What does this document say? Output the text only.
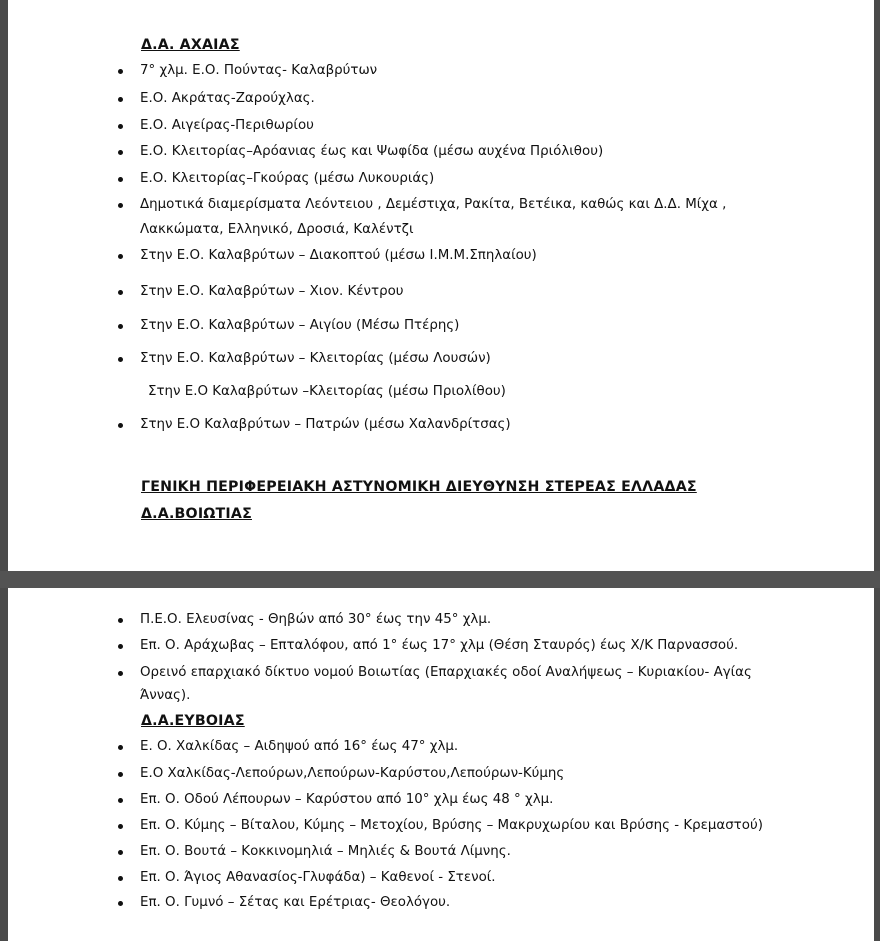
Δ.Α. ΑΧΑΙΑΣ
7° χλμ. Ε.Ο. Πούντας- Καλαβρύτων
Ε.Ο. Ακράτας-Ζαρούχλας.
Ε.Ο. Αιγείρας-Περιθωρίου
Ε.Ο. Κλειτορίας–Αρόανιας έως και Ψωφίδα (μέσω αυχένα Πριόλιθου)
Ε.Ο. Κλειτορίας–Γκούρας (μέσω Λυκουριάς)
Δημοτικά διαμερίσματα Λεόντειου , Δεμέστιχα, Ρακίτα, Βετέικα, καθώς και Δ.Δ. Μίχα ,
Λακκώματα, Ελληνικό, Δροσιά, Καλέντζι
Στην Ε.Ο. Καλαβρύτων – Διακοπτού (μέσω Ι.Μ.Μ.Σπηλαίου)
Στην Ε.Ο. Καλαβρύτων – Χιον. Κέντρου
Στην Ε.Ο. Καλαβρύτων – Αιγίου (Μέσω Πτέρης)
Στην Ε.Ο. Καλαβρύτων – Κλειτορίας (μέσω Λουσών)
Στην Ε.Ο Καλαβρύτων –Κλειτορίας (μέσω Πριολίθου)
Στην Ε.Ο Καλαβρύτων – Πατρών (μέσω Χαλανδρίτσας)
ΓΕΝΙΚΗ ΠΕΡΙΦΕΡΕΙΑΚΗ ΑΣΤΥΝΟΜΙΚΗ ΔΙΕΥΘΥΝΣΗ ΣΤΕΡΕΑΣ ΕΛΛΑΔΑΣ
Δ.Α.ΒΟΙΩΤΙΑΣ
Π.Ε.Ο. Ελευσίνας - Θηβών από 30° έως την 45° χλμ.
Επ. Ο. Αράχωβας – Επταλόφου, από 1° έως 17° χλμ (Θέση Σταυρός) έως Χ/Κ Παρνασσού.
Ορεινό επαρχιακό δίκτυο νομού Βοιωτίας (Επαρχιακές οδοί Αναλήψεως – Κυριακίου- Αγίας
Άννας).
Δ.Α.ΕΥΒΟΙΑΣ
Ε. Ο. Χαλκίδας – Αιδηψού από 16° έως 47° χλμ.
Ε.Ο Χαλκίδας-Λεπούρων,Λεπούρων-Καρύστου,Λεπούρων-Κύμης
Επ. Ο. Οδού Λέπουρων – Καρύστου από 10° χλμ έως 48 ° χλμ.
Επ. Ο. Κύμης – Βίταλου, Κύμης – Μετοχίου, Βρύσης – Μακρυχωρίου και Βρύσης - Κρεμαστού)
Επ. Ο. Βουτά – Κοκκινομηλιά – Μηλιές & Βουτά Λίμνης.
Επ. Ο. Άγιος Αθανασίος-Γλυφάδα) – Καθενοί - Στενοί.
Επ. Ο. Γυμνό – Σέτας και Ερέτριας- Θεολόγου.
